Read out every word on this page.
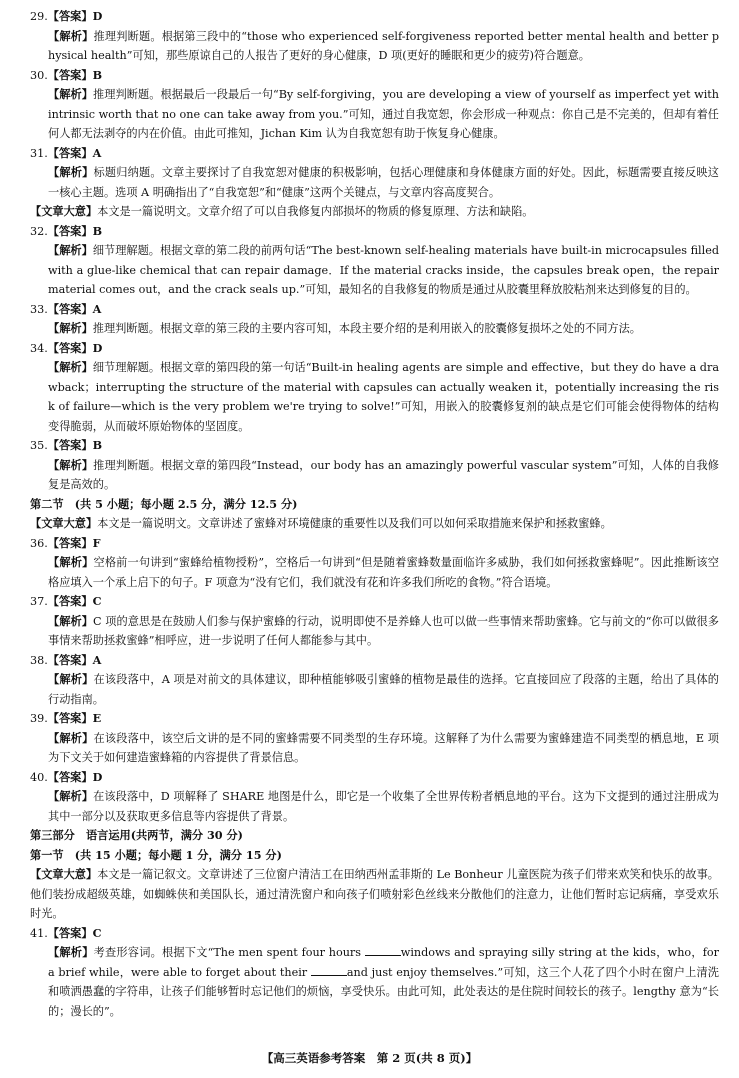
29.【答案】D

【解析】推理判断题。根据第三段中的“those who experienced self-forgiveness reported better mental health and better physical health”可知，那些原谅自己的人报告了更好的身心健康，D 项(更好的睡眠和更少的疲劳)符合题意。

30.【答案】B

【解析】推理判断题。根据最后一段最后一句“By self-forgiving，you are developing a view of yourself as imperfect yet with intrinsic worth that no one can take away from you.”可知，通过自我宽恕，你会形成一种观点：你自己是不完美的，但却有着任何人都无法剥夺的内在价值。由此可推知，Jichan Kim 认为自我宽恕有助于恢复身心健康。

31.【答案】A

【解析】标题归纳题。文章主要探讨了自我宽恕对健康的积极影响，包括心理健康和身体健康方面的好处。因此，标题需要直接反映这一核心主题。选项 A 明确指出了“自我宽恕”和“健康”这两个关键点，与文章内容高度契合。

【文章大意】本文是一篇说明文。文章介绍了可以自我修复内部损坏的物质的修复原理、方法和缺陷。

32.【答案】B

【解析】细节理解题。根据文章的第二段的前两句话“The best-known self-healing materials have built-in microcapsules filled with a glue-like chemical that can repair damage．If the material cracks inside，the capsules break open，the repair material comes out，and the crack seals up.”可知，最知名的自我修复的物质是通过从胶囊里释放胶粘剂来达到修复的目的。

33.【答案】A

【解析】推理判断题。根据文章的第三段的主要内容可知，本段主要介绍的是利用嵌入的胶囊修复损坏之处的不同方法。

34.【答案】D

【解析】细节理解题。根据文章的第四段的第一句话“Built-in healing agents are simple and effective，but they do have a drawback；interrupting the structure of the material with capsules can actually weaken it，potentially increasing the risk of failure—which is the very problem we're trying to solve!”可知，用嵌入的胶囊修复剂的缺点是它们可能会使得物体的结构变得脆弱，从而破坏原始物体的坚固度。

35.【答案】B

【解析】推理判断题。根据文章的第四段“Instead，our body has an amazingly powerful vascular system”可知，人体的自我修复是高效的。

第二节　(共 5 小题；每小题 2.5 分，满分 12.5 分)

【文章大意】本文是一篇说明文。文章讲述了蜜蜂对环境健康的重要性以及我们可以如何采取措施来保护和拯救蜜蜂。

36.【答案】F

【解析】空格前一句讲到“蜜蜂给植物授粉”，空格后一句讲到“但是随着蜜蜂数量面临许多威胁，我们如何拯救蜜蜂呢”。因此推断该空格应填入一个承上启下的句子。F 项意为“没有它们，我们就没有花和许多我们所吃的食物。”符合语境。

37.【答案】C

【解析】C 项的意思是在鼓励人们参与保护蜜蜂的行动，说明即使不是养蜂人也可以做一些事情来帮助蜜蜂。它与前文的“你可以做很多事情来帮助拯救蜜蜂”相呼应，进一步说明了任何人都能参与其中。

38.【答案】A

【解析】在该段落中，A 项是对前文的具体建议，即种植能够吸引蜜蜂的植物是最佳的选择。它直接回应了段落的主题，给出了具体的行动指南。

39.【答案】E

【解析】在该段落中，该空后文讲的是不同的蜜蜂需要不同类型的生存环境。这解释了为什么需要为蜜蜂建造不同类型的栖息地，E 项为下文关于如何建造蜜蜂箱的内容提供了背景信息。

40.【答案】D

【解析】在该段落中，D 项解释了 SHARE 地图是什么，即它是一个收集了全世界传粉者栖息地的平台。这为下文提到的通过注册成为其中一部分以及获取更多信息等内容提供了背景。

第三部分　语言运用(共两节，满分 30 分)

第一节　(共 15 小题；每小题 1 分，满分 15 分)

【文章大意】本文是一篇记叙文。文章讲述了三位窗户清洁工在田纳西州孟菲斯的 Le Bonheur 儿童医院为孩子们带来欢笑和快乐的故事。他们装扮成超级英雄，如蜘蛛侠和美国队长，通过清洗窗户和向孩子们喷射彩色丝线来分散他们的注意力，让他们暂时忘记病痛，享受欢乐时光。

41.【答案】C

【解析】考查形容词。根据下文“The men spent four hours	windows and spraying silly string at the kids，who，for a brief while，were able to forget about their	and just enjoy themselves.”可知，这三个人花了四个小时在窗户上清洗和喷洒愚蠢的字符串，让孩子们能够暂时忘记他们的烦恼，享受快乐。由此可知，此处表达的是住院时间较长的孩子。lengthy 意为“长的；漫长的”。

【高三英语参考答案　第 2 页(共 8 页)】
